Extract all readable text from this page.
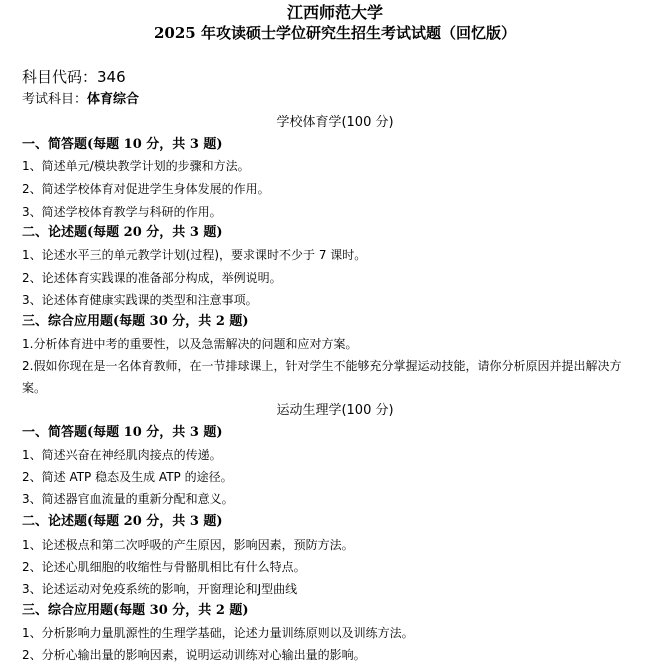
江西师范大学
2025 年攻读硕士学位研究生招生考试试题（回忆版）
科目代码：346
考试科目：体育综合
学校体育学(100 分)
一、简答题(每题 10 分，共 3 题)
1、简述单元/模块教学计划的步骤和方法。
2、简述学校体育对促进学生身体发展的作用。
3、简述学校体育教学与科研的作用。
二、论述题(每题 20 分，共 3 题)
1、论述水平三的单元教学计划(过程)，要求课时不少于 7 课时。
2、论述体育实践课的准备部分构成，举例说明。
3、论述体育健康实践课的类型和注意事项。
三、综合应用题(每题 30 分，共 2 题)
1.分析体育进中考的重要性，以及急需解决的问题和应对方案。
2.假如你现在是一名体育教师，在一节排球课上，针对学生不能够充分掌握运动技能，请你分析原因并提出解决方案。
运动生理学(100 分)
一、简答题(每题 10 分，共 3 题)
1、简述兴奋在神经肌肉接点的传递。
2、简述 ATP 稳态及生成 ATP 的途径。
3、简述器官血流量的重新分配和意义。
二、论述题(每题 20 分，共 3 题)
1、论述极点和第二次呼吸的产生原因，影响因素，预防方法。
2、论述心肌细胞的收缩性与骨骼肌相比有什么特点。
3、论述运动对免疫系统的影响，开窗理论和J型曲线
三、综合应用题(每题 30 分，共 2 题)
1、分析影响力量肌源性的生理学基础，论述力量训练原则以及训练方法。
2、分析心输出量的影响因素，说明运动训练对心输出量的影响。
